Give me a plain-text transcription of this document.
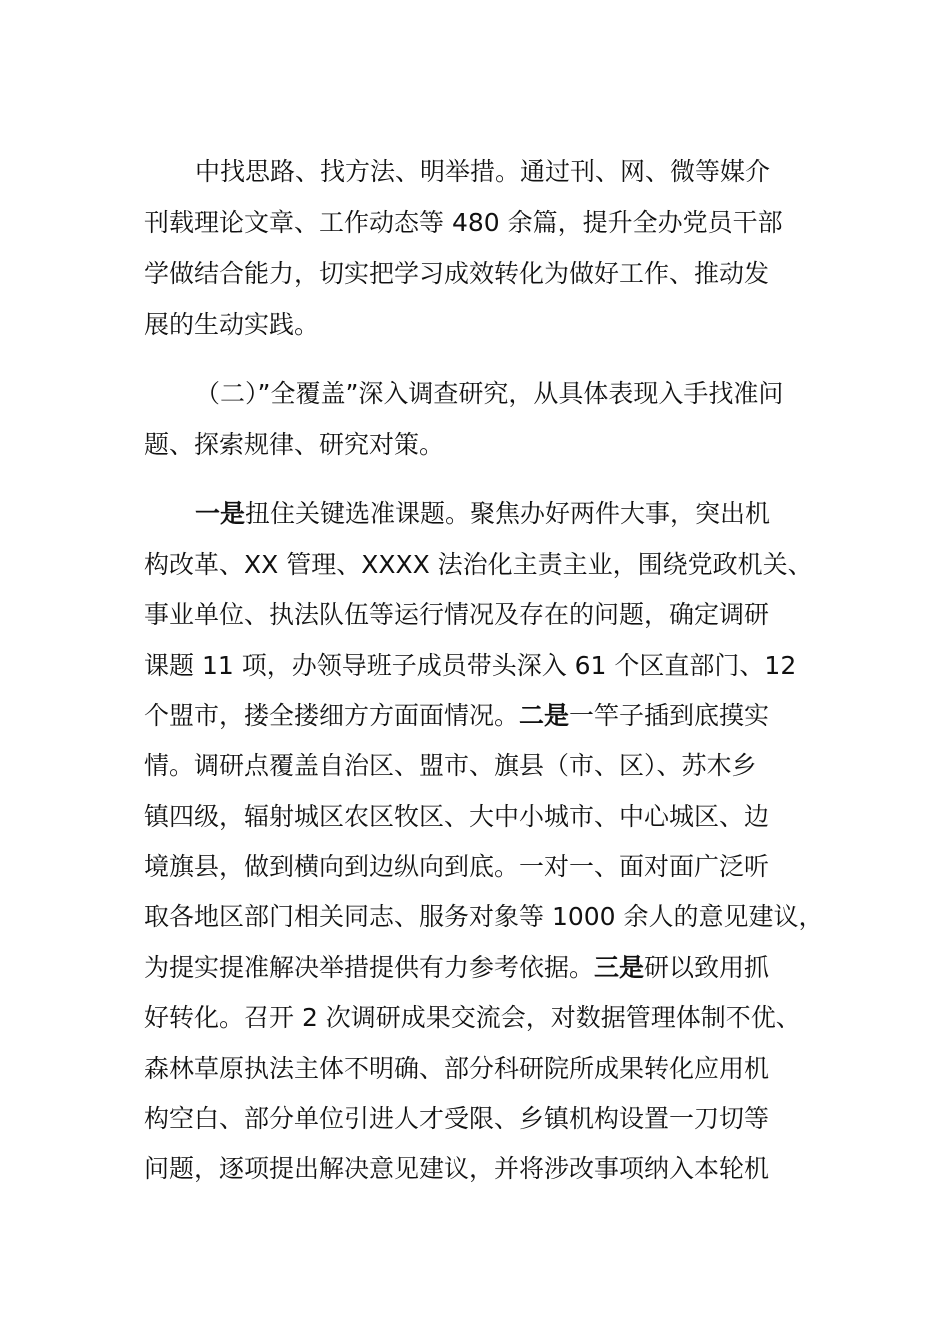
中找思路、找方法、明举措。通过刊、网、微等媒介
刊载理论文章、工作动态等 480 余篇，提升全办党员干部
学做结合能力，切实把学习成效转化为做好工作、推动发
展的生动实践。
（二）”全覆盖”深入调查研究，从具体表现入手找准问
题、探索规律、研究对策。
一是扭住关键选准课题。聚焦办好两件大事，突出机
构改革、XX 管理、XXXX 法治化主责主业，围绕党政机关、
事业单位、执法队伍等运行情况及存在的问题，确定调研
课题 11 项，办领导班子成员带头深入 61 个区直部门、12
个盟市，搂全搂细方方面面情况。二是一竿子插到底摸实
情。调研点覆盖自治区、盟市、旗县（市、区）、苏木乡
镇四级，辐射城区农区牧区、大中小城市、中心城区、边
境旗县，做到横向到边纵向到底。一对一、面对面广泛听
取各地区部门相关同志、服务对象等 1000 余人的意见建议，
为提实提准解决举措提供有力参考依据。三是研以致用抓
好转化。召开 2 次调研成果交流会，对数据管理体制不优、
森林草原执法主体不明确、部分科研院所成果转化应用机
构空白、部分单位引进人才受限、乡镇机构设置一刀切等
问题，逐项提出解决意见建议，并将涉改事项纳入本轮机
